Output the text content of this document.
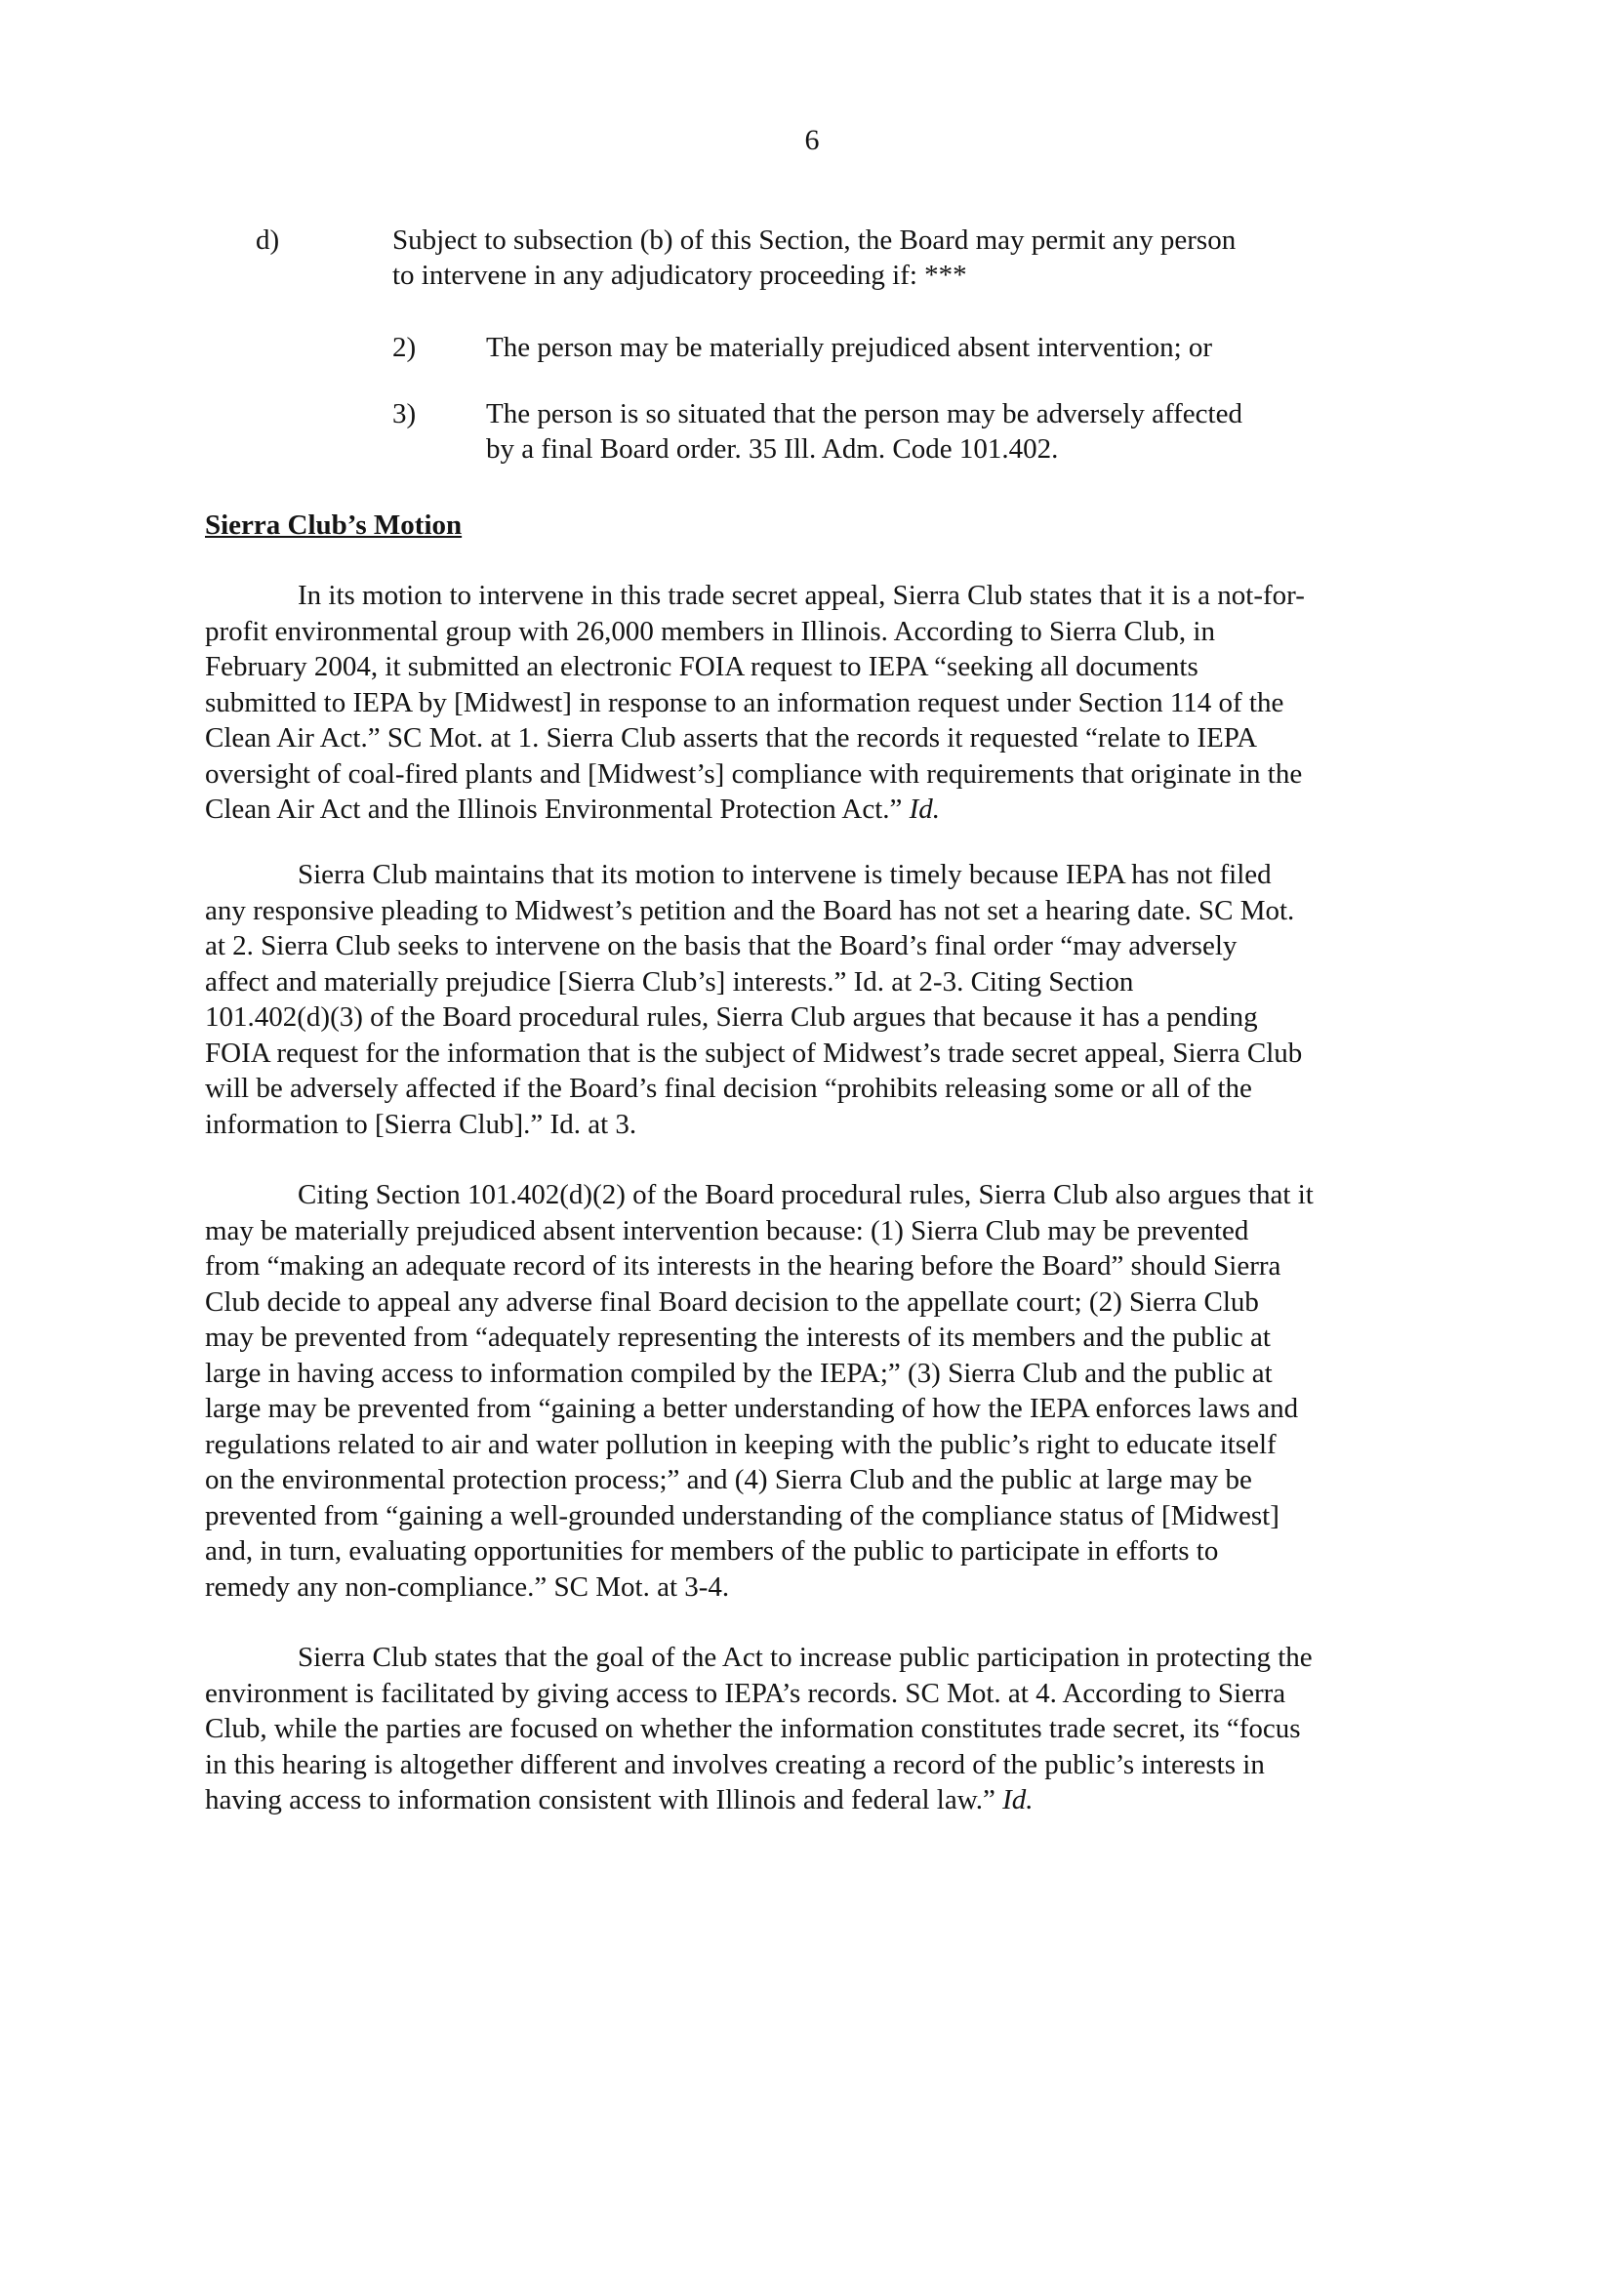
6
d)	Subject to subsection (b) of this Section, the Board may permit any person
to intervene in any adjudicatory proceeding if: ***
2) The person may be materially prejudiced absent intervention; or
3) The person is so situated that the person may be adversely affected
by a final Board order. 35 Ill. Adm. Code 101.402.
Sierra Club’s Motion
In its motion to intervene in this trade secret appeal, Sierra Club states that it is a not-for-
profit environmental group with 26,000 members in Illinois. According to Sierra Club, in
February 2004, it submitted an electronic FOIA request to IEPA “seeking all documents
submitted to IEPA by [Midwest] in response to an information request under Section 114 of the
Clean Air Act.” SC Mot. at 1. Sierra Club asserts that the records it requested “relate to IEPA
oversight of coal-fired plants and [Midwest’s] compliance with requirements that originate in the
Clean Air Act and the Illinois Environmental Protection Act.” Id.
Sierra Club maintains that its motion to intervene is timely because IEPA has not filed
any responsive pleading to Midwest’s petition and the Board has not set a hearing date. SC Mot.
at 2. Sierra Club seeks to intervene on the basis that the Board’s final order “may adversely
affect and materially prejudice [Sierra Club’s] interests.” Id. at 2-3. Citing Section
101.402(d)(3) of the Board procedural rules, Sierra Club argues that because it has a pending
FOIA request for the information that is the subject of Midwest’s trade secret appeal, Sierra Club
will be adversely affected if the Board’s final decision “prohibits releasing some or all of the
information to [Sierra Club].” Id. at 3.
Citing Section 101.402(d)(2) of the Board procedural rules, Sierra Club also argues that it
may be materially prejudiced absent intervention because: (1) Sierra Club may be prevented
from “making an adequate record of its interests in the hearing before the Board” should Sierra
Club decide to appeal any adverse final Board decision to the appellate court; (2) Sierra Club
may be prevented from “adequately representing the interests of its members and the public at
large in having access to information compiled by the IEPA;” (3) Sierra Club and the public at
large may be prevented from “gaining a better understanding of how the IEPA enforces laws and
regulations related to air and water pollution in keeping with the public’s right to educate itself
on the environmental protection process;” and (4) Sierra Club and the public at large may be
prevented from “gaining a well-grounded understanding of the compliance status of [Midwest]
and, in turn, evaluating opportunities for members of the public to participate in efforts to
remedy any non-compliance.” SC Mot. at 3-4.
Sierra Club states that the goal of the Act to increase public participation in protecting the
environment is facilitated by giving access to IEPA’s records. SC Mot. at 4. According to Sierra
Club, while the parties are focused on whether the information constitutes trade secret, its “focus
in this hearing is altogether different and involves creating a record of the public’s interests in
having access to information consistent with Illinois and federal law.” Id.
